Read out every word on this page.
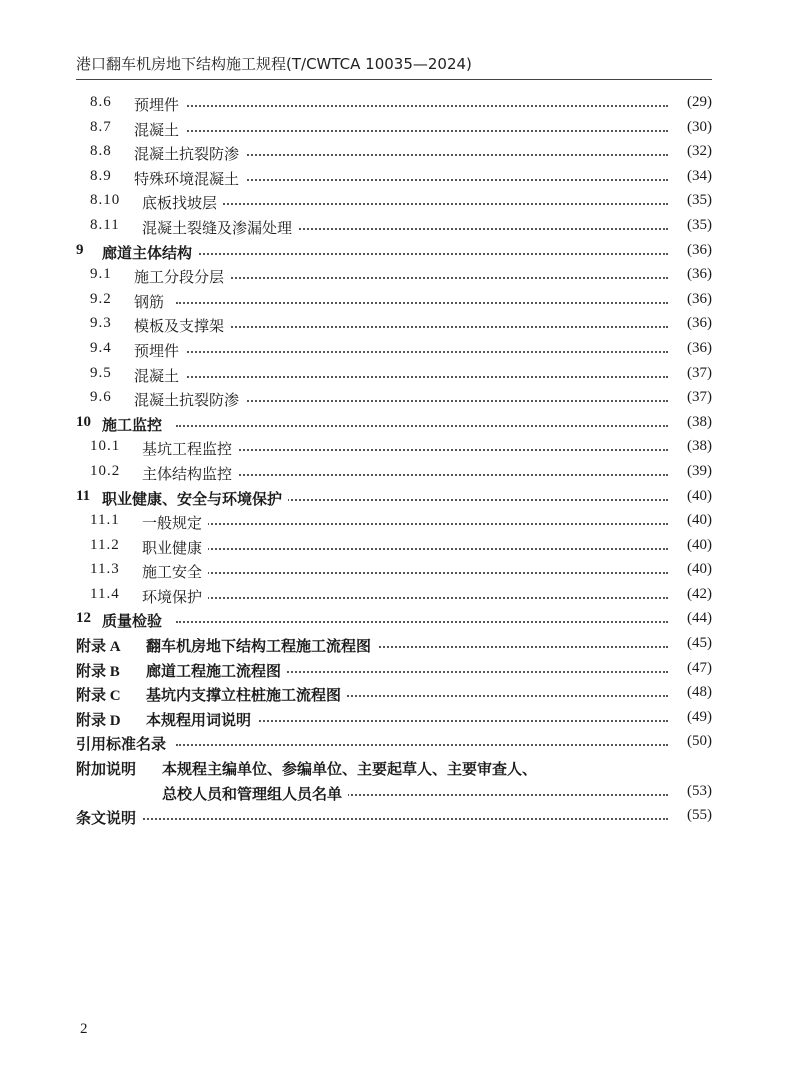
港口翻车机房地下结构施工规程(T/CWTCA 10035—2024)
8.6 预埋件	(29)
8.7 混凝土	(30)
8.8 混凝土抗裂防渗	(32)
8.9 特殊环境混凝土	(34)
8.10 底板找坡层	(35)
8.11 混凝土裂缝及渗漏处理	(35)
9 廊道主体结构	(36)
9.1 施工分段分层	(36)
9.2 钢筋	(36)
9.3 模板及支撑架	(36)
9.4 预埋件	(36)
9.5 混凝土	(37)
9.6 混凝土抗裂防渗	(37)
10 施工监控	(38)
10.1 基坑工程监控	(38)
10.2 主体结构监控	(39)
11 职业健康、安全与环境保护	(40)
11.1 一般规定	(40)
11.2 职业健康	(40)
11.3 施工安全	(40)
11.4 环境保护	(42)
12 质量检验	(44)
附录 A 翻车机房地下结构工程施工流程图	(45)
附录 B 廊道工程施工流程图	(47)
附录 C 基坑内支撑立柱桩施工流程图	(48)
附录 D 本规程用词说明	(49)
引用标准名录	(50)
附加说明 本规程主编单位、参编单位、主要起草人、主要审查人、
总校人员和管理组人员名单	(53)
条文说明	(55)
2
